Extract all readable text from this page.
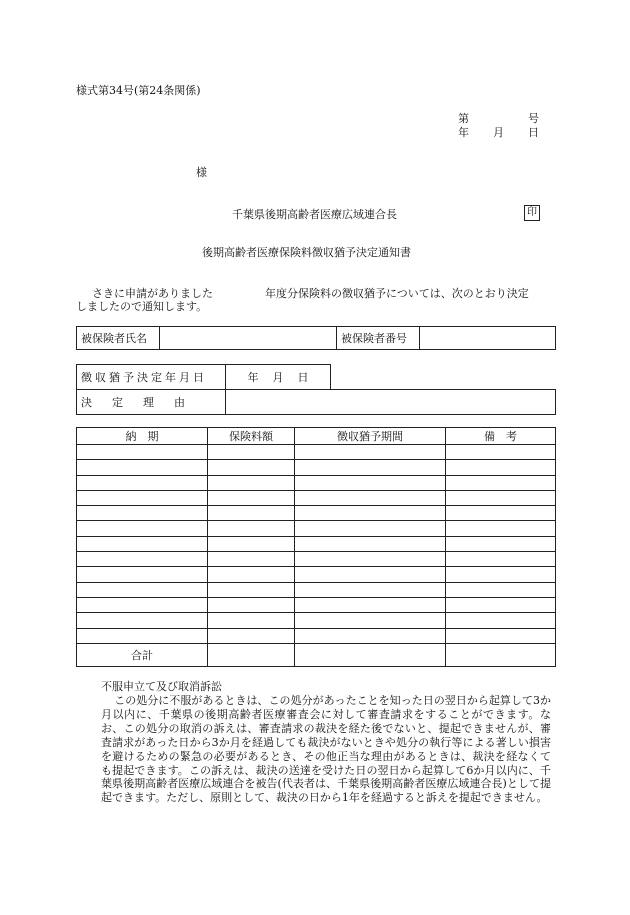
様式第34号(第24条関係)
第	号
年 月 日
様
千葉県後期高齢者医療広域連合長	印
後期高齢者医療保険料徴収猶予決定通知書
さきに申請がありました	年度分保険料の徴収猶予については、次のとおり決定
しましたので通知します。
被保険者氏名		被保険者番号	
徴収猶予決定年月日	年 月 日	
決定理由		
納　期	保険料額	徴収猶予期間	備　考

合計			
不服申立て及び取消訴訟
この処分に不服があるときは、この処分があったことを知った日の翌日から起算して3か月以内に、千葉県の後期高齢者医療審査会に対して審査請求をすることができます。なお、この処分の取消の訴えは、審査請求の裁決を経た後でないと、提起できませんが、審査請求があった日から3か月を経過しても裁決がないときや処分の執行等による著しい損害を避けるための緊急の必要があるとき、その他正当な理由があるときは、裁決を経なくても提起できます。この訴えは、裁決の送達を受けた日の翌日から起算して6か月以内に、千葉県後期高齢者医療広域連合を被告(代表者は、千葉県後期高齢者医療広域連合長)として提起できます。ただし、原則として、裁決の日から1年を経過すると訴えを提起できません。
